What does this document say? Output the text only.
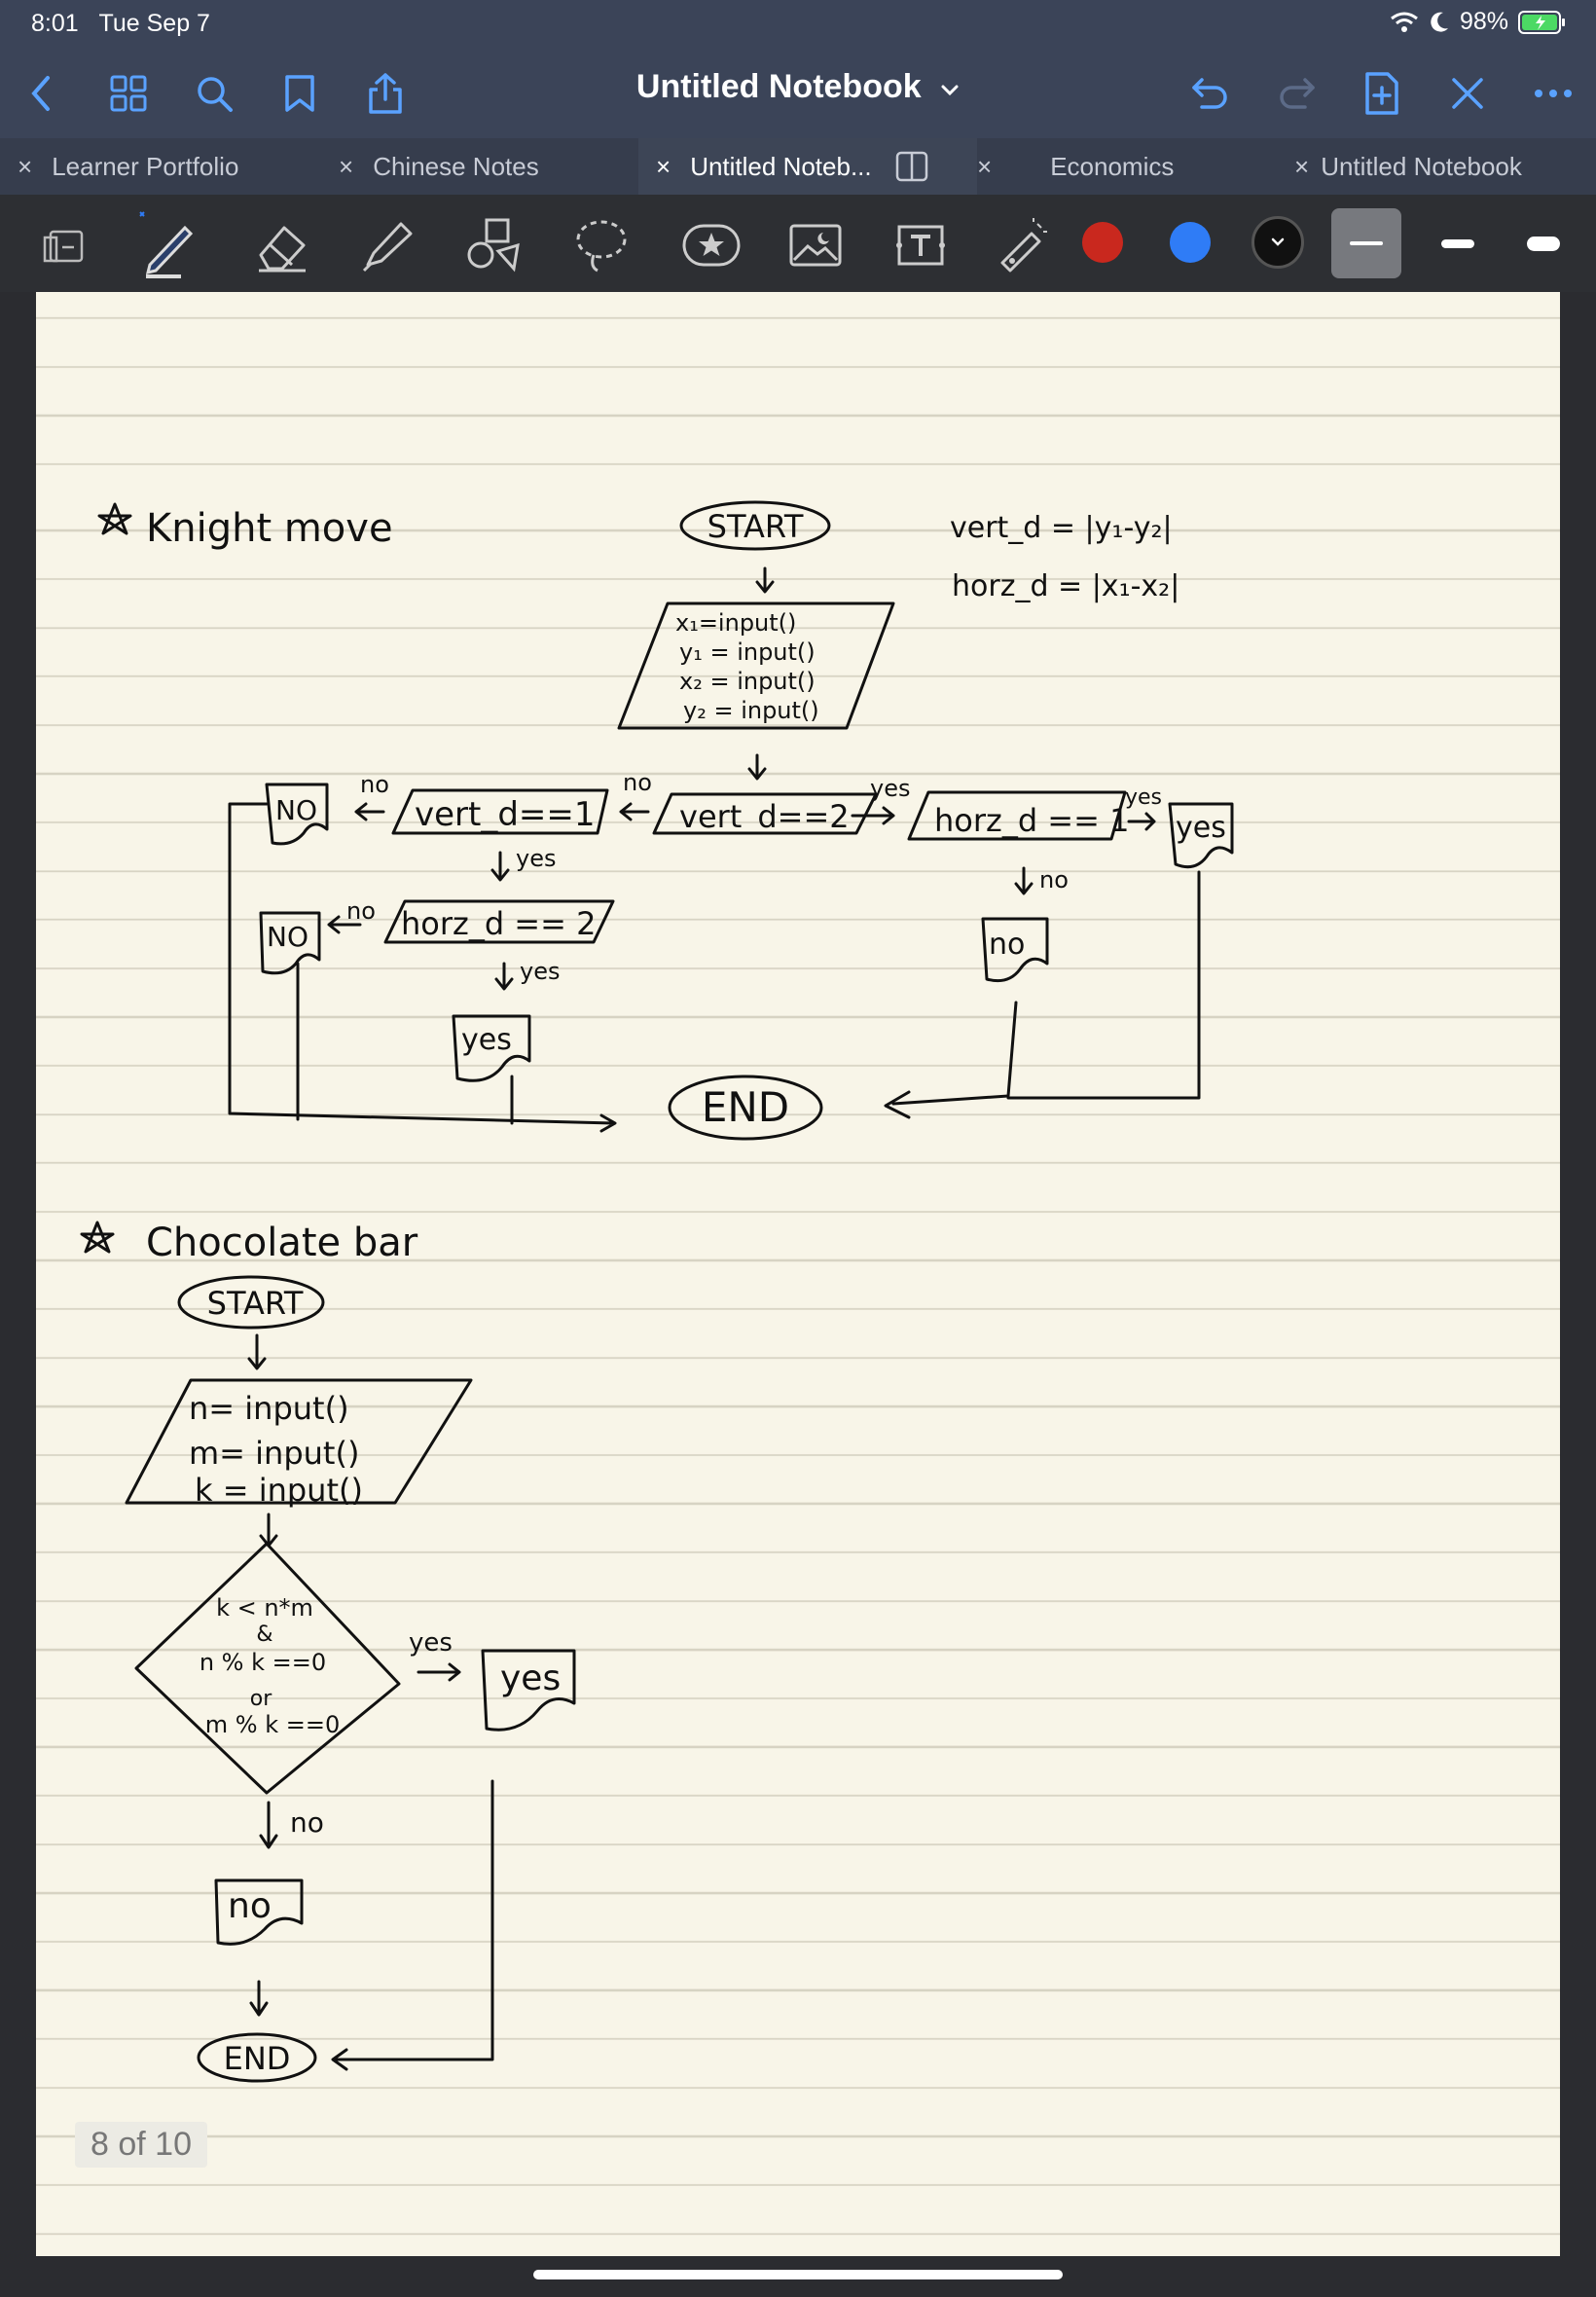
8:01 Tue Sep 7	98%
Untitled Notebook
× Learner Portfolio	× Chinese Notes	× Untitled Noteb...	× Economics	× Untitled Notebook
8 of 10
Knight move	START
x₁=input()
y₁ = input()
x₂ = input()
y₂ = input()
vert_d = |y₁-y₂|
horz_d = |x₁-x₂|
vert_d==2
no
vert_d==1
no
NO
yes
horz_d == 2
no
NO
yes
yes
END
yes
horz_d == 1
yes
yes
no
no
Chocolate bar
START
n= input()
m= input()
k = input()
k < n*m
&
n % k ==0
or
m % k ==0
yes
yes
no
no
END
